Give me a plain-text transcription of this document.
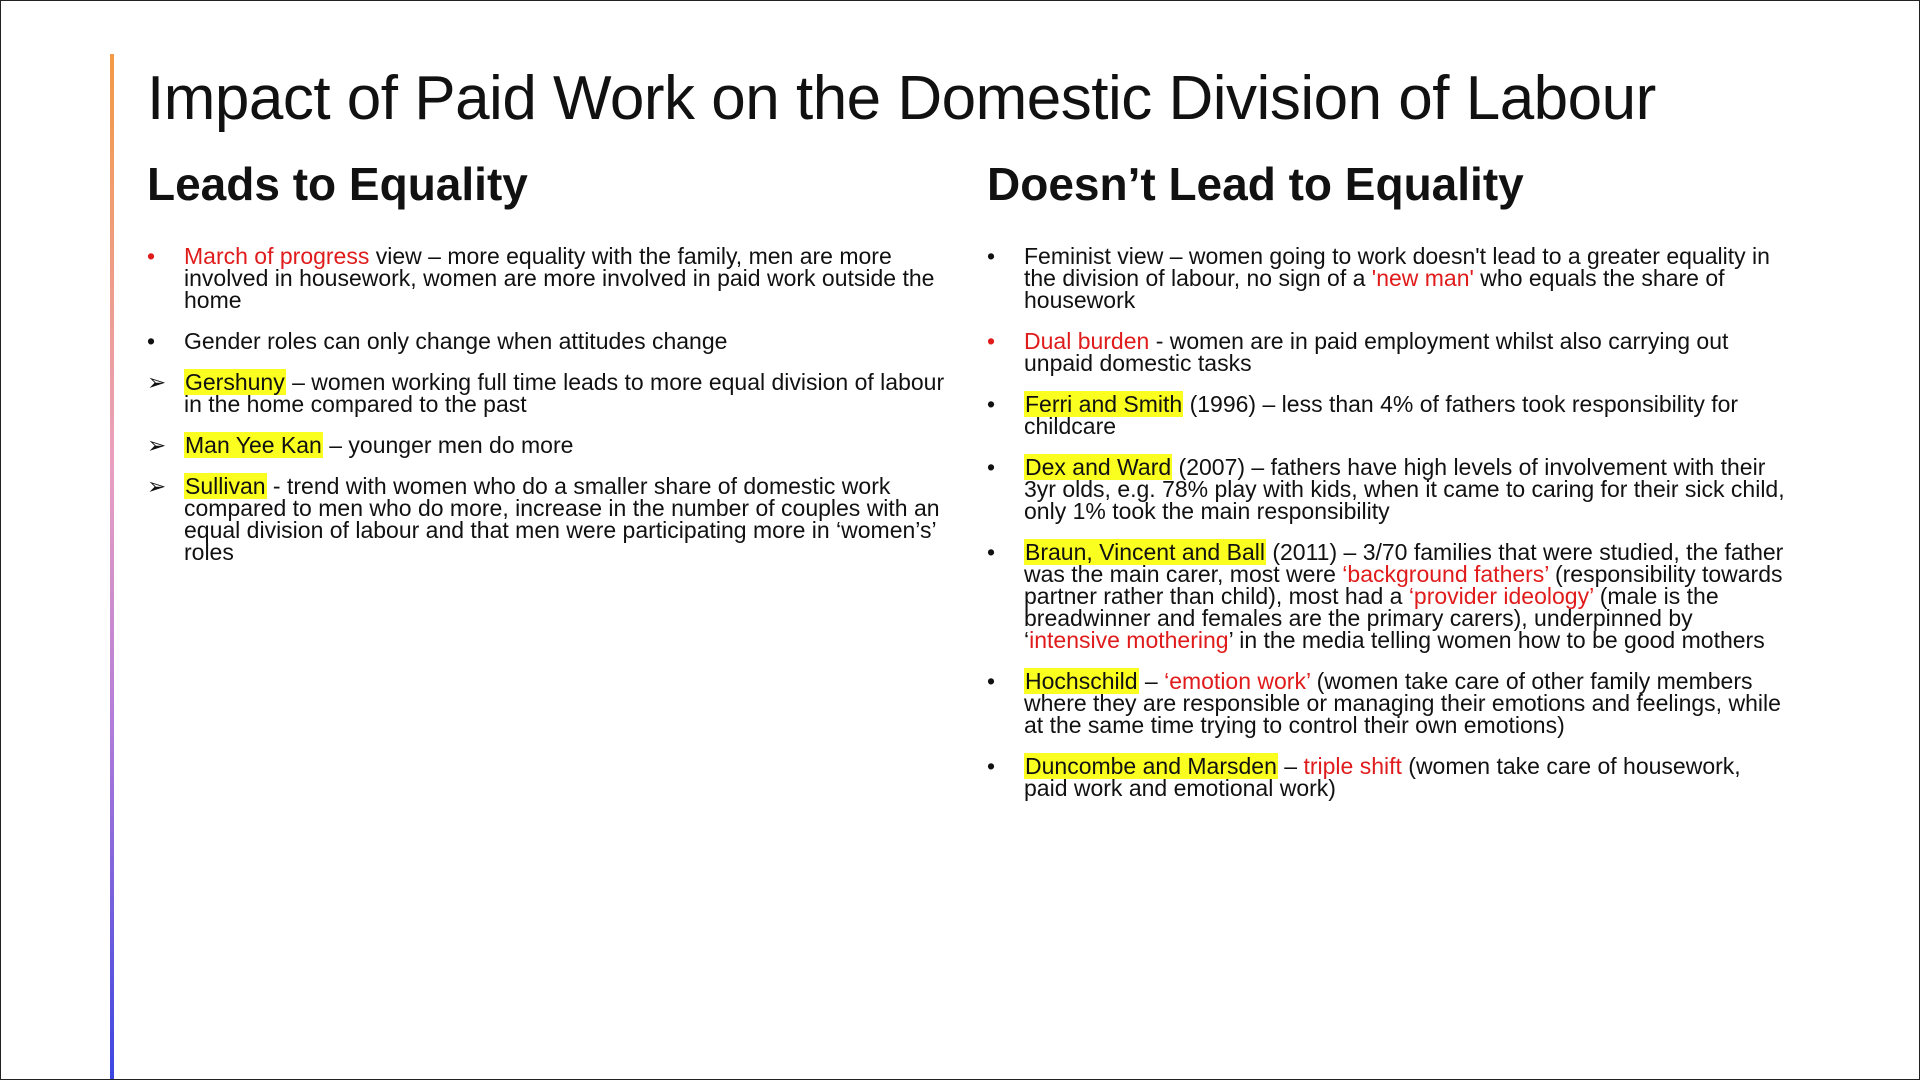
Impact of Paid Work on the Domestic Division of Labour
Leads to Equality
•	March of progress view – more equality with the family, men are more involved in housework, women are more involved in paid work outside the home
•	Gender roles can only change when attitudes change
➢ Gershuny – women working full time leads to more equal division of labour in the home compared to the past
➢ Man Yee Kan – younger men do more
➢ Sullivan - trend with women who do a smaller share of domestic work compared to men who do more, increase in the number of couples with an equal division of labour and that men were participating more in ‘women’s’ roles
Doesn’t Lead to Equality
•	Feminist view – women going to work doesn't lead to a greater equality in the division of labour, no sign of a 'new man' who equals the share of housework
•	Dual burden - women are in paid employment whilst also carrying out unpaid domestic tasks
•	Ferri and Smith (1996) – less than 4% of fathers took responsibility for childcare
•	Dex and Ward (2007) – fathers have high levels of involvement with their 3yr olds, e.g. 78% play with kids, when it came to caring for their sick child, only 1% took the main responsibility
•	Braun, Vincent and Ball (2011) – 3/70 families that were studied, the father was the main carer, most were ‘background fathers’ (responsibility towards partner rather than child), most had a ‘provider ideology’ (male is the breadwinner and females are the primary carers), underpinned by ‘intensive mothering’ in the media telling women how to be good mothers
•	Hochschild – ‘emotion work’ (women take care of other family members where they are responsible or managing their emotions and feelings, while at the same time trying to control their own emotions)
•	Duncombe and Marsden – triple shift (women take care of housework, paid work and emotional work)
